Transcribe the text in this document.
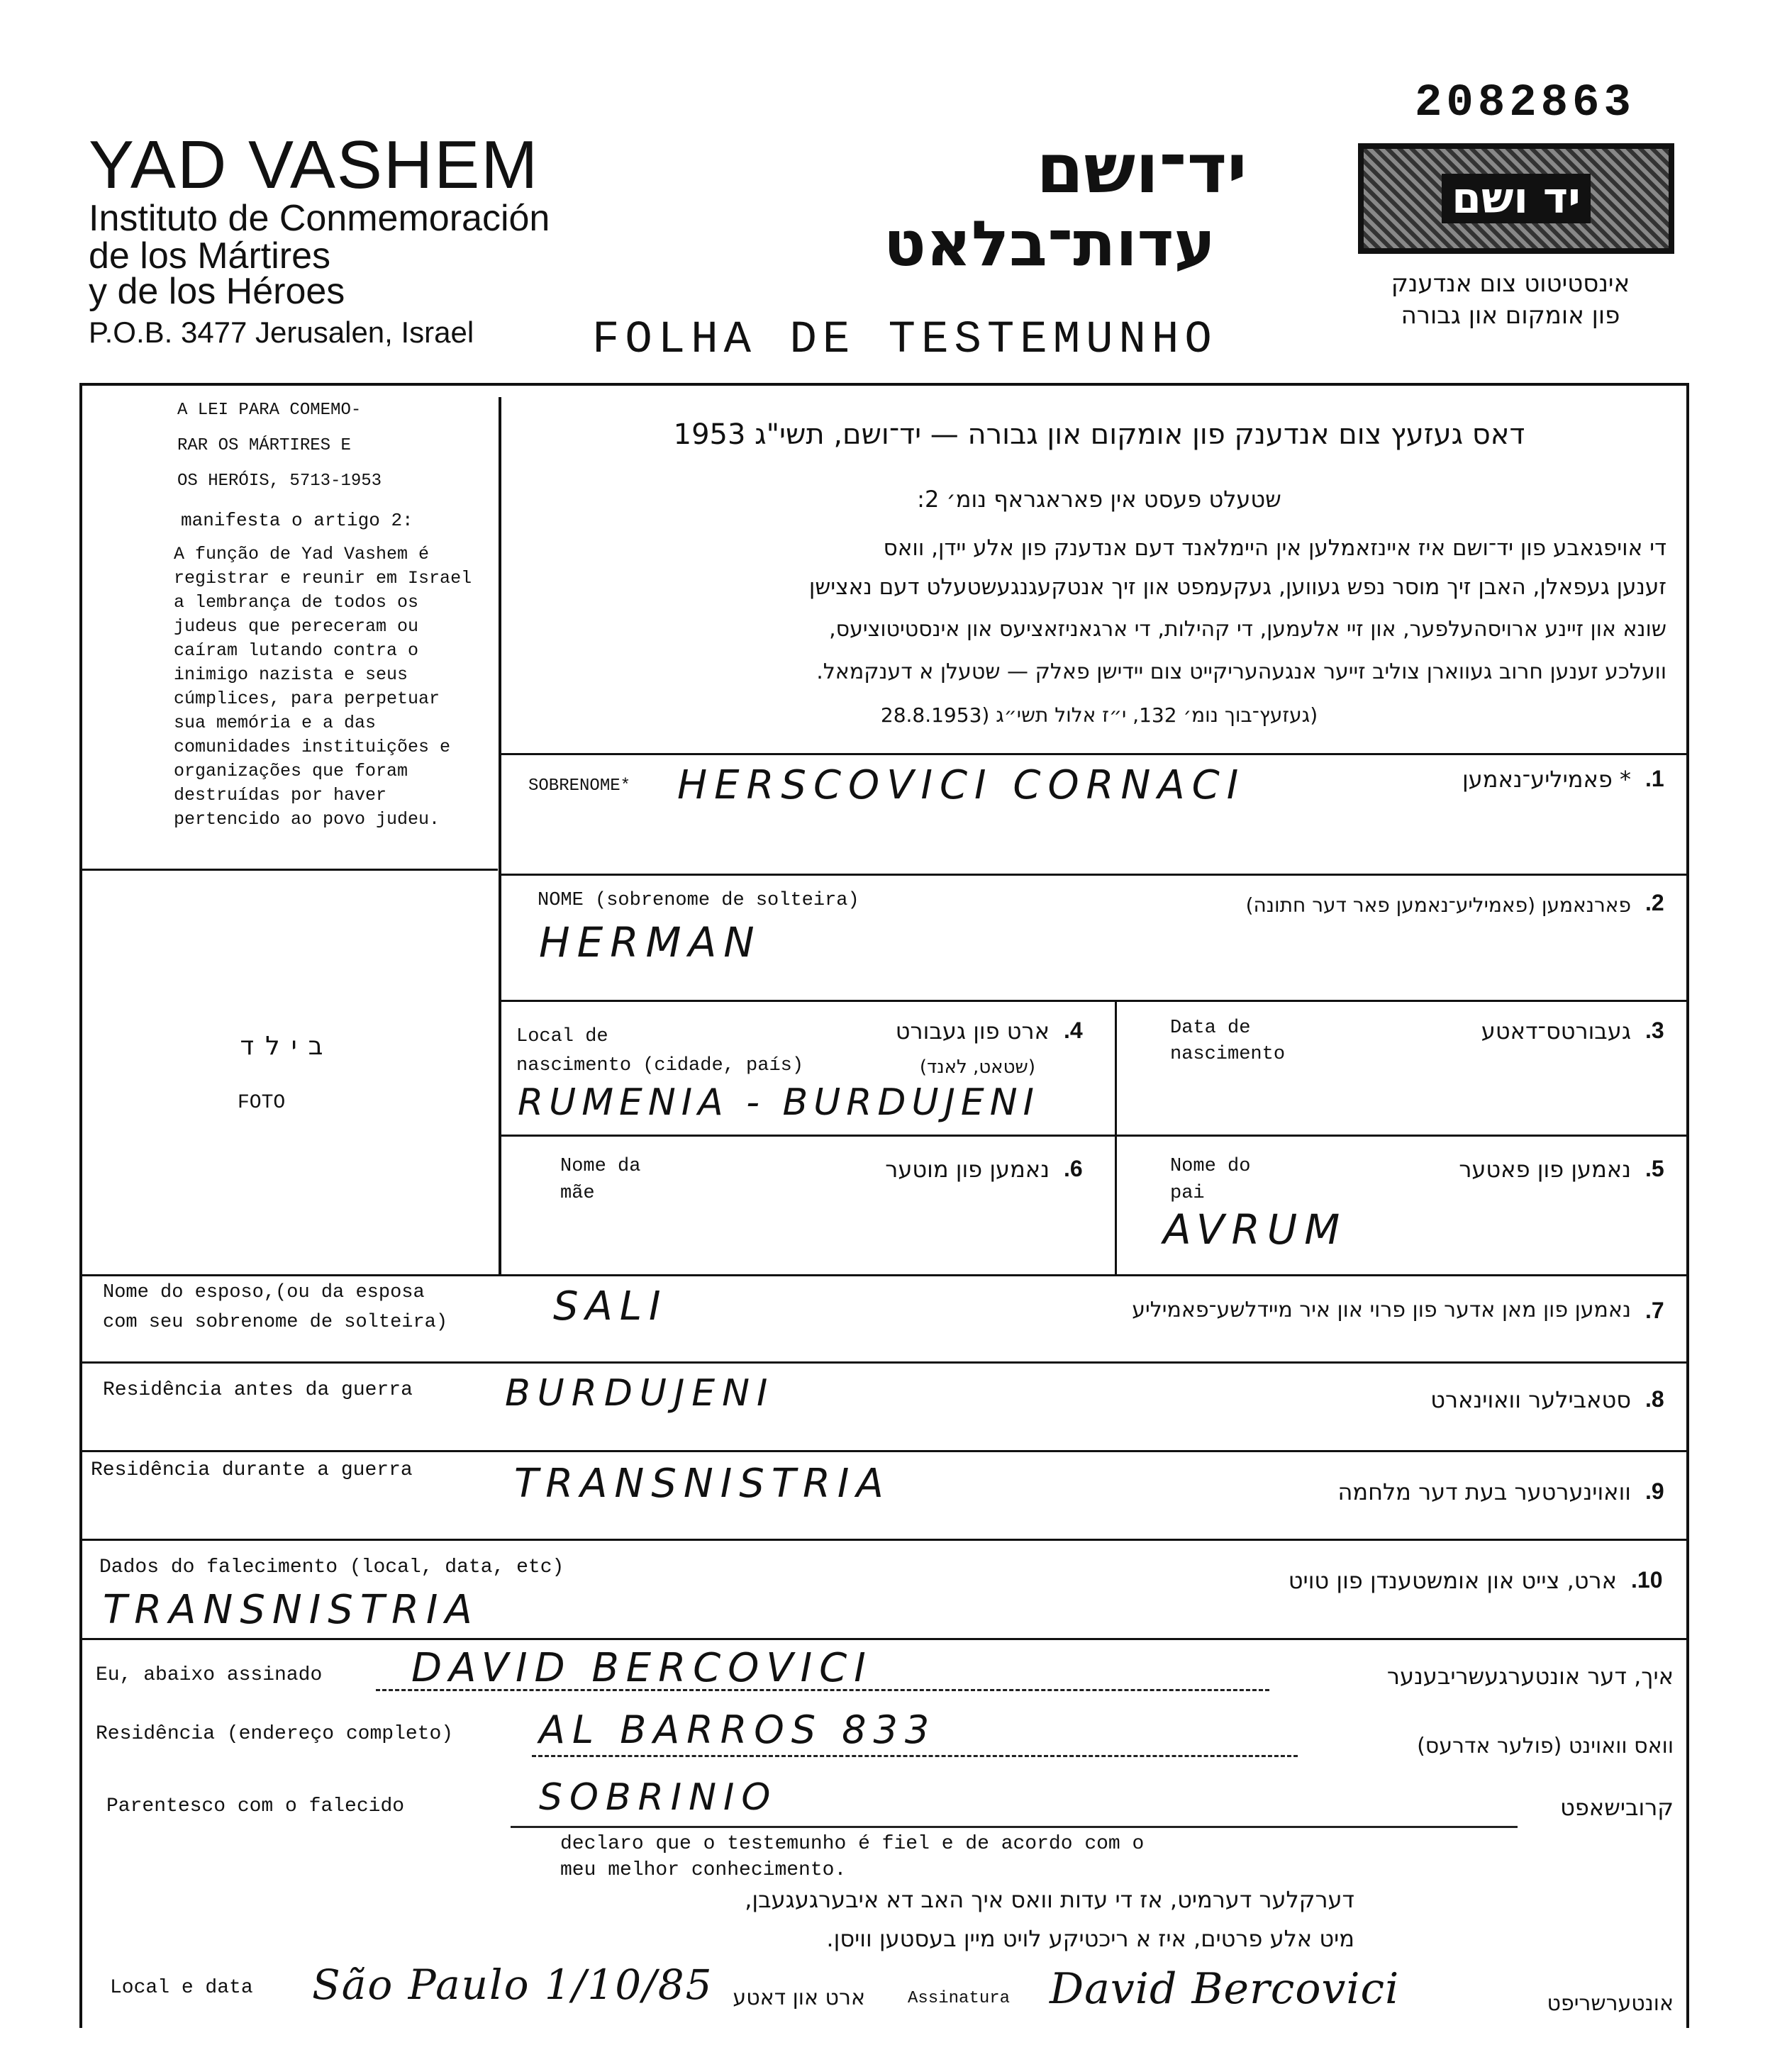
2082863
YAD VASHEM
Instituto de Conmemoración
de los Mártires
y de los Héroes
P.O.B. 3477 Jerusalen, Israel
יד־ושם
עדות־בלאט
יד ושם
אינסטיטוט צום אנדענק
פון אומקום און גבורה
FOLHA DE TESTEMUNHO
A LEI PARA COMEMO-
RAR OS MÁRTIRES E
OS HERÓIS, 5713-1953
manifesta o artigo 2:
A função de Yad Vashem é registrar e reunir em Israel a lembrança de todos os judeus que pereceram ou caíram lutando contra o inimigo nazista e seus cúmplices, para perpetuar sua memória e a das comunidades instituições e organizações que foram destruídas por haver pertencido ao povo judeu.
דאס געזעץ צום אנדענק פון אומקום און גבורה — יד־ושם, תשי"ג 1953
שטעלט פעסט אין פאראגראף נומ׳ 2:
די אויפגאבע פון יד־ושם איז איינזאמלען אין היימלאנד דעם אנדענק פון אלע יידן, וואס
זענען געפאלן, האבן זיך מוסר נפש געווען, געקעמפט און זיך אנטקעגנגעשטעלט דעם נאצישן
שונא און זיינע ארויסהעלפער, און זיי אלעמען, די קהילות, די ארגאניזאציעס און אינסטיטוציעס,
וועלכע זענען חרוב געווארן צוליב זייער אנגעהעריקייט צום יידישן פאלק — שטעלן א דענקמאל.
(געזעץ־בוך נומ׳ 132, י״ז אלול תשי״ג (28.8.1953
בילד
FOTO
.1
* פאמיליע־נאמען
SOBRENOME* HERSCOVICI CORNACI
.2
פארנאמען (פאמיליע־נאמען פאר דער חתונה)
NOME (sobrenome de solteira)
HERMAN
.3
געבורטס־דאטע
Data de
nascimento
.4
ארט פון געבורט
(שטאט, לאנד)
Local de
nascimento (cidade, país)
RUMENIA - BURDUJENI
.5
נאמען פון פאטער
Nome do
pai
AVRUM
.6
נאמען פון מוטער
Nome da
mãe
.7
נאמען פון מאן אדער פון פרוי און איר מיידלשע־פאמיליע
Nome do esposo,(ou da esposa
com seu sobrenome de solteira)	SALI
.8
סטאבילער וואוינארט
Residência antes da guerra	BURDUJENI
.9
וואוינערטער בעת דער מלחמה
Residência durante a guerra	TRANSNISTRIA
.10
ארט, צייט און אומשטענדן פון טויט
Dados do falecimento (local, data, etc)
TRANSNISTRIA
Eu, abaixo assinado DAVID BERCOVICI	איך, דער אונטערגעשריבענער
Residência (endereço completo) AL BARROS 833	וואס וואוינט (פולער אדרעס)
Parentesco com o falecido	SOBRINIO	קרובישאפט
declaro que o testemunho é fiel e de acordo com o
meu melhor conhecimento.
דערקלער דערמיט, אז די עדות וואס איך האב דא איבערגעגעבן,
מיט אלע פרטים, איז א ריכטיקע לויט מיין בעסטען וויסן.
Local e data São Paulo 1/10/85 ארט און דאטע	Assinatura David Bercovici	אונטערשריפט
